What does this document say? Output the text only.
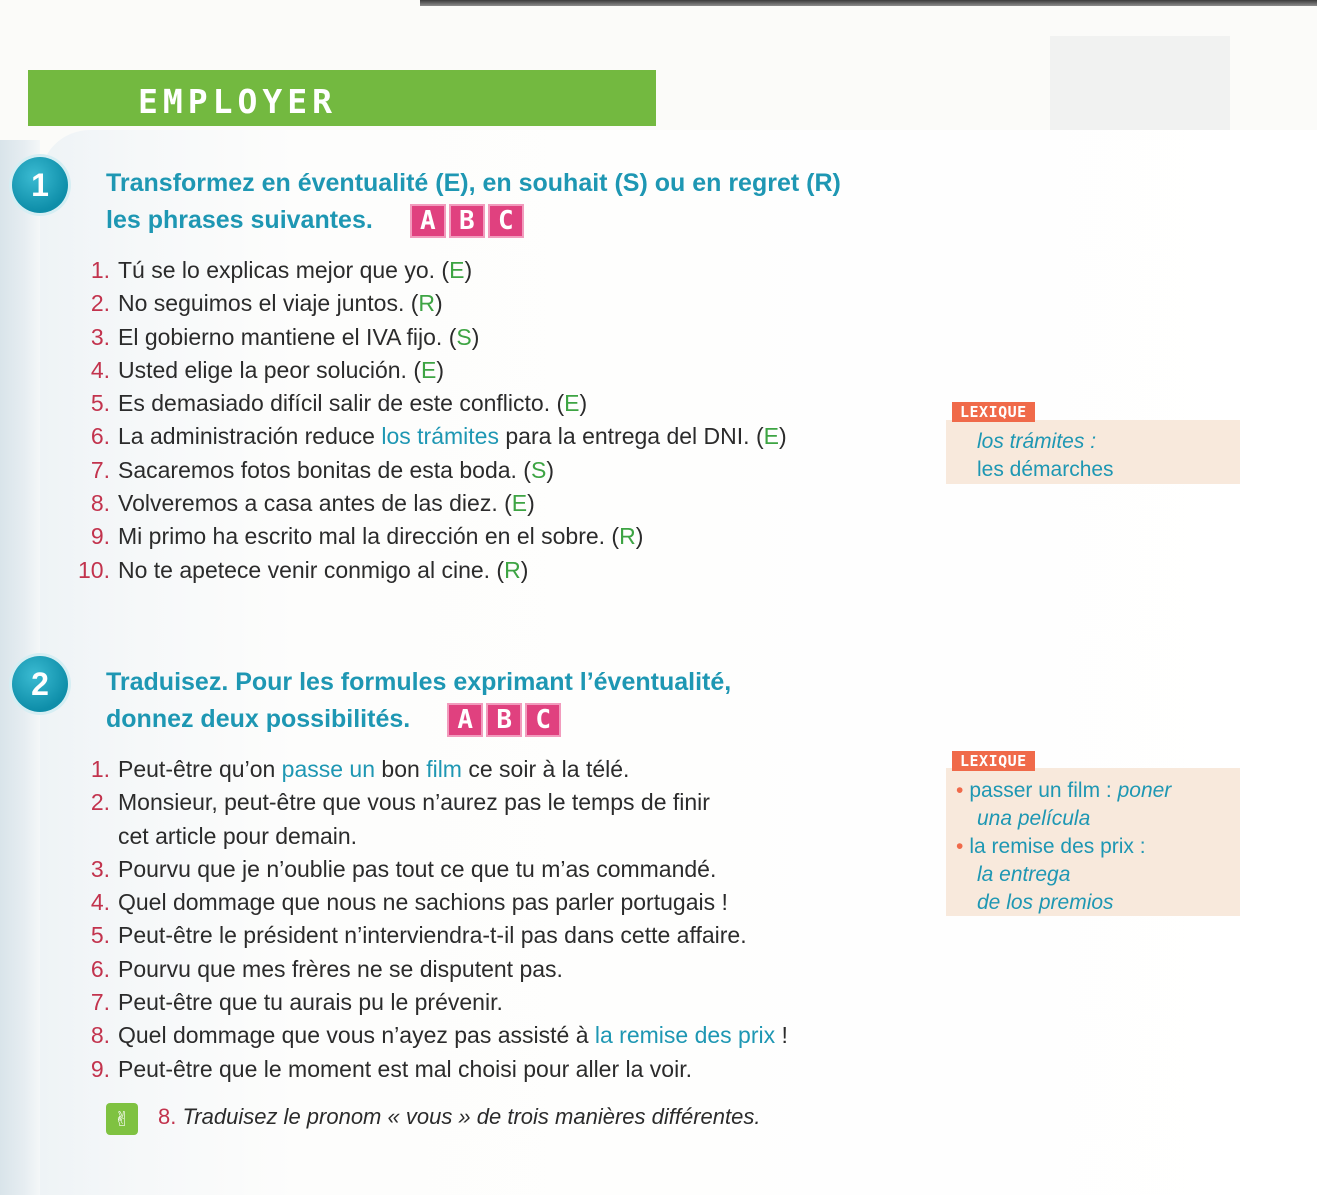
EMPLOYER
1	Transformez en éventualité (E), en souhait (S) ou en regret (R)
les phrases suivantes.	A B C
1. Tú se lo explicas mejor que yo. (E)
2. No seguimos el viaje juntos. (R)
3. El gobierno mantiene el IVA fijo. (S)
4. Usted elige la peor solución. (E)
5. Es demasiado difícil salir de este conflicto. (E)
6. La administración reduce los trámites para la entrega del DNI. (E)
7. Sacaremos fotos bonitas de esta boda. (S)
8. Volveremos a casa antes de las diez. (E)
9. Mi primo ha escrito mal la dirección en el sobre. (R)
10. No te apetece venir conmigo al cine. (R)
LEXIQUE
los trámites :
les démarches
2	Traduisez. Pour les formules exprimant l’éventualité,
donnez deux possibilités.	A B C
1. Peut-être qu’on passe un bon film ce soir à la télé.
2. Monsieur, peut-être que vous n’aurez pas le temps de finir
cet article pour demain.
3. Pourvu que je n’oublie pas tout ce que tu m’as commandé.
4. Quel dommage que nous ne sachions pas parler portugais !
5. Peut-être le président n’interviendra-t-il pas dans cette affaire.
6. Pourvu que mes frères ne se disputent pas.
7. Peut-être que tu aurais pu le prévenir.
8. Quel dommage que vous n’ayez pas assisté à la remise des prix !
9. Peut-être que le moment est mal choisi pour aller la voir.
LEXIQUE
• passer un film : poner
una película
• la remise des prix :
la entrega
de los premios
✌	8. Traduisez le pronom « vous » de trois manières différentes.
